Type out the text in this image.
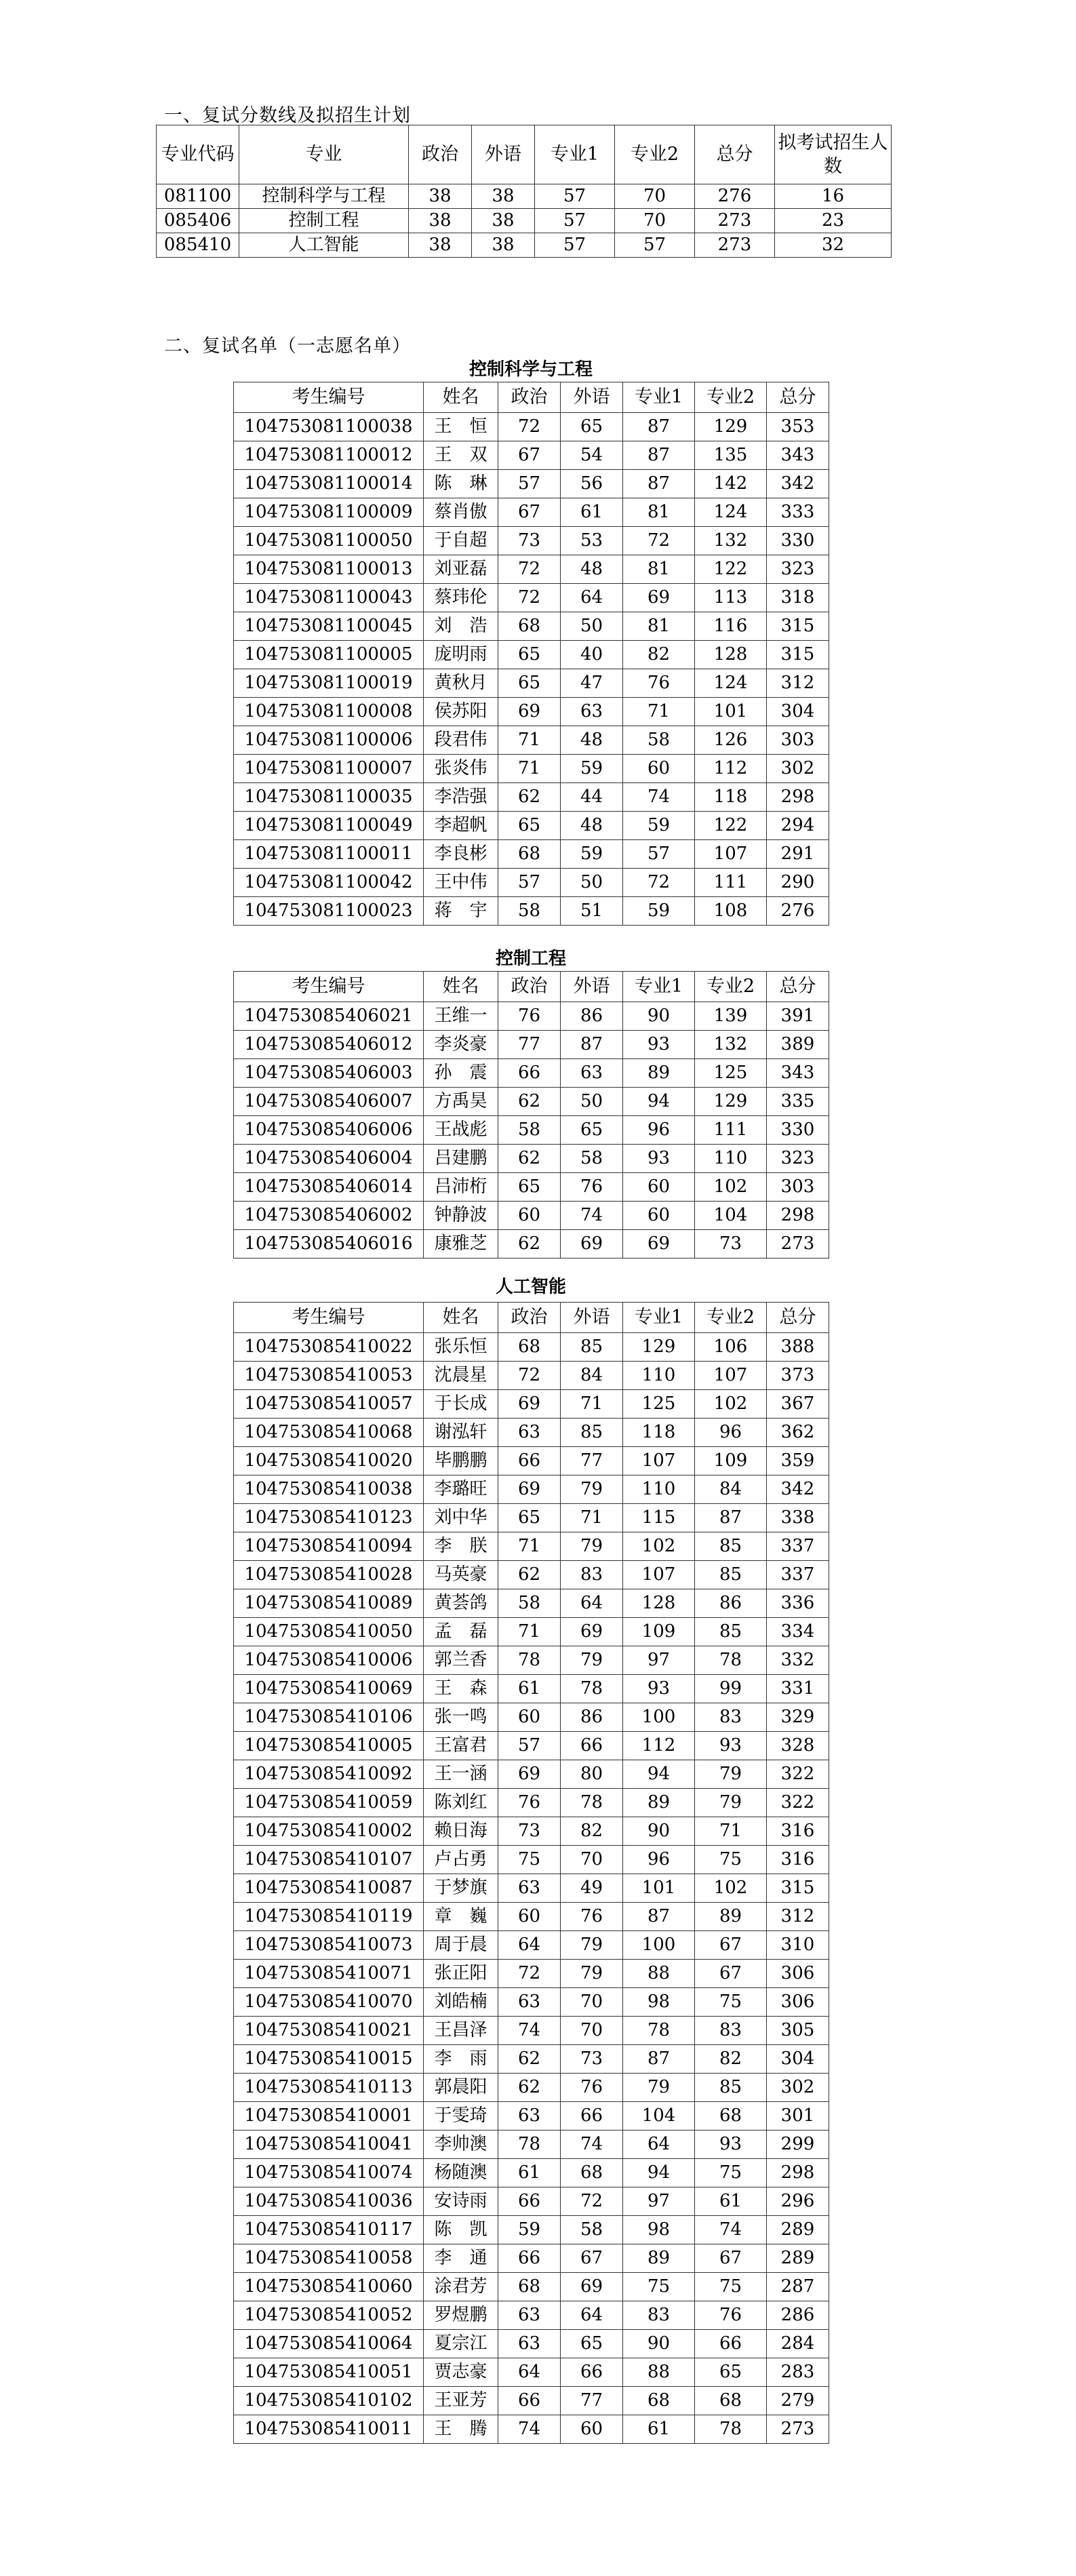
一、复试分数线及拟招生计划
专业代码	专业	政治	外语	专业1	专业2	总分	拟考试招生人数
081100	控制科学与工程	38	38	57	70	276	16
085406	控制工程	38	38	57	70	273	23
085410	人工智能	38	38	57	57	273	32
二、复试名单（一志愿名单）
控制科学与工程
考生编号	姓名	政治	外语	专业1	专业2	总分
104753081100038	王　恒	72	65	87	129	353
104753081100012	王　双	67	54	87	135	343
104753081100014	陈　琳	57	56	87	142	342
104753081100009	蔡肖傲	67	61	81	124	333
104753081100050	于自超	73	53	72	132	330
104753081100013	刘亚磊	72	48	81	122	323
104753081100043	蔡玮伦	72	64	69	113	318
104753081100045	刘　浩	68	50	81	116	315
104753081100005	庞明雨	65	40	82	128	315
104753081100019	黄秋月	65	47	76	124	312
104753081100008	侯苏阳	69	63	71	101	304
104753081100006	段君伟	71	48	58	126	303
104753081100007	张炎伟	71	59	60	112	302
104753081100035	李浩强	62	44	74	118	298
104753081100049	李超帆	65	48	59	122	294
104753081100011	李良彬	68	59	57	107	291
104753081100042	王中伟	57	50	72	111	290
104753081100023	蒋　宇	58	51	59	108	276
控制工程
考生编号	姓名	政治	外语	专业1	专业2	总分
104753085406021	王维一	76	86	90	139	391
104753085406012	李炎豪	77	87	93	132	389
104753085406003	孙　震	66	63	89	125	343
104753085406007	方禹昊	62	50	94	129	335
104753085406006	王战彪	58	65	96	111	330
104753085406004	吕建鹏	62	58	93	110	323
104753085406014	吕沛桁	65	76	60	102	303
104753085406002	钟静波	60	74	60	104	298
104753085406016	康雅芝	62	69	69	73	273
人工智能
考生编号	姓名	政治	外语	专业1	专业2	总分
104753085410022	张乐恒	68	85	129	106	388
104753085410053	沈晨星	72	84	110	107	373
104753085410057	于长成	69	71	125	102	367
104753085410068	谢泓轩	63	85	118	96	362
104753085410020	毕鹏鹏	66	77	107	109	359
104753085410038	李璐旺	69	79	110	84	342
104753085410123	刘中华	65	71	115	87	338
104753085410094	李　朕	71	79	102	85	337
104753085410028	马英豪	62	83	107	85	337
104753085410089	黄荟鸽	58	64	128	86	336
104753085410050	孟　磊	71	69	109	85	334
104753085410006	郭兰香	78	79	97	78	332
104753085410069	王　森	61	78	93	99	331
104753085410106	张一鸣	60	86	100	83	329
104753085410005	王富君	57	66	112	93	328
104753085410092	王一涵	69	80	94	79	322
104753085410059	陈刘红	76	78	89	79	322
104753085410002	赖日海	73	82	90	71	316
104753085410107	卢占勇	75	70	96	75	316
104753085410087	于梦旗	63	49	101	102	315
104753085410119	章　巍	60	76	87	89	312
104753085410073	周于晨	64	79	100	67	310
104753085410071	张正阳	72	79	88	67	306
104753085410070	刘皓楠	63	70	98	75	306
104753085410021	王昌泽	74	70	78	83	305
104753085410015	李　雨	62	73	87	82	304
104753085410113	郭晨阳	62	76	79	85	302
104753085410001	于雯琦	63	66	104	68	301
104753085410041	李帅澳	78	74	64	93	299
104753085410074	杨随澳	61	68	94	75	298
104753085410036	安诗雨	66	72	97	61	296
104753085410117	陈　凯	59	58	98	74	289
104753085410058	李　通	66	67	89	67	289
104753085410060	涂君芳	68	69	75	75	287
104753085410052	罗煜鹏	63	64	83	76	286
104753085410064	夏宗江	63	65	90	66	284
104753085410051	贾志豪	64	66	88	65	283
104753085410102	王亚芳	66	77	68	68	279
104753085410011	王　腾	74	60	61	78	273
